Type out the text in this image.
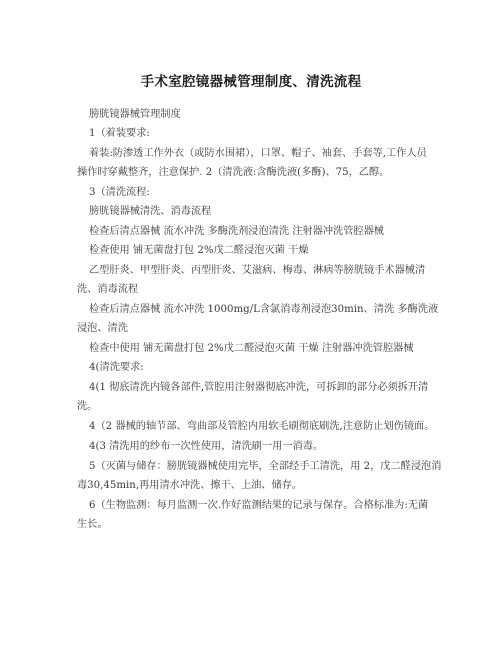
手术室腔镜器械管理制度、清洗流程
膀胱镜器械管理制度
1（着装要求:
着装:防渗透工作外衣（或防水围裙），口罩、帽子、袖套、手套等,工作人员
操作时穿戴整齐，注意保护. 2（清洗液:含酶洗液(多酶)、75，乙醇。
3（清洗流程:
膀胱镜器械清洗、消毒流程
检查后清点器械 流水冲洗 多酶洗剂浸泡清洗 注射器冲洗管腔器械
检查使用 铺无菌盘打包 2%戊二醛浸泡灭菌 干燥
乙型肝炎、甲型肝炎、丙型肝炎、艾滋病、梅毒、淋病等膀胱镜手术器械清
洗、消毒流程
检查后清点器械 流水冲洗 1000mg/L含氯消毒剂浸泡30min、清洗 多酶洗液
浸泡、清洗
检查中使用 铺无菌盘打包 2%戊二醛浸泡灭菌 干燥 注射器冲洗管腔器械
4(清洗要求:
4(1 彻底清洗内镜各部件,管腔用注射器彻底冲洗，可拆卸的部分必须拆开清
洗。
4（2 器械的轴节部、弯曲部及管腔内用软毛刷彻底刷洗,注意防止划伤镜面。
4(3 清洗用的纱布一次性使用，清洗刷一用一消毒。
5（灭菌与储存：膀胱镜器械使用完毕，全部经手工清洗，用 2，戊二醛浸泡消
毒30,45min,再用清水冲洗、擦干、上油、储存。
6（生物监测：每月监测一次.作好监测结果的记录与保存。合格标准为:无菌
生长。
